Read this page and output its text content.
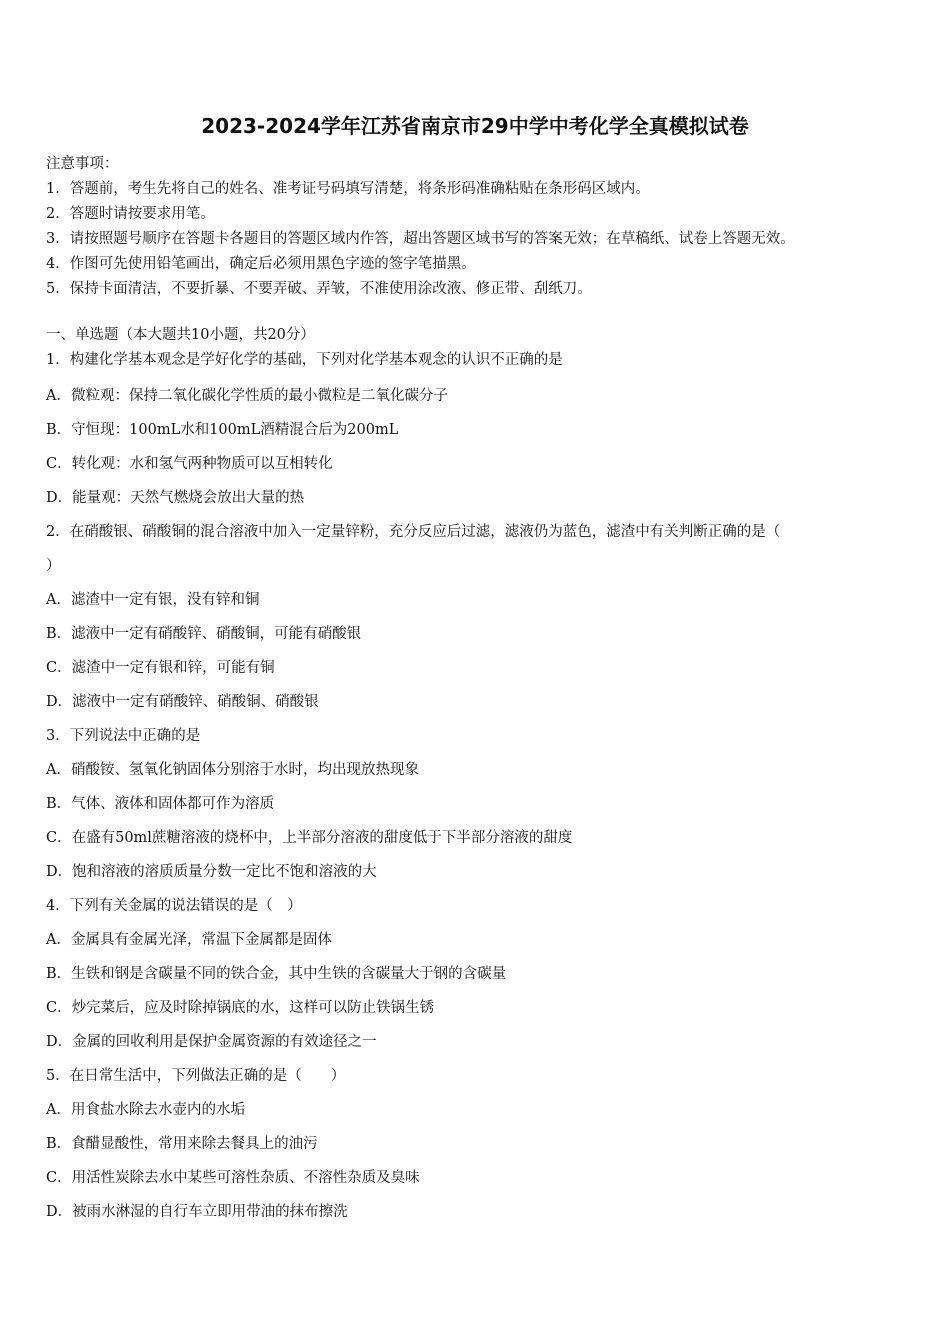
2023-2024学年江苏省南京市29中学中考化学全真模拟试卷

注意事项：

1．答题前，考生先将自己的姓名、准考证号码填写清楚，将条形码准确粘贴在条形码区域内。

2．答题时请按要求用笔。

3．请按照题号顺序在答题卡各题目的答题区域内作答，超出答题区域书写的答案无效；在草稿纸、试卷上答题无效。

4．作图可先使用铅笔画出，确定后必须用黑色字迹的签字笔描黑。

5．保持卡面清洁，不要折暴、不要弄破、弄皱，不准使用涂改液、修正带、刮纸刀。

一、单选题（本大题共10小题，共20分）

1．构建化学基本观念是学好化学的基础，下列对化学基本观念的认识不正确的是

A．微粒观：保持二氧化碳化学性质的最小微粒是二氧化碳分子

B．守恒现：100mL水和100mL酒精混合后为200mL

C．转化观：水和氢气两种物质可以互相转化

D．能量观：天然气燃烧会放出大量的热

2．在硝酸银、硝酸铜的混合溶液中加入一定量锌粉，充分反应后过滤，滤液仍为蓝色，滤渣中有关判断正确的是（

）

A．滤渣中一定有银，没有锌和铜

B．滤液中一定有硝酸锌、硝酸铜，可能有硝酸银

C．滤渣中一定有银和锌，可能有铜

D．滤液中一定有硝酸锌、硝酸铜、硝酸银

3．下列说法中正确的是

A．硝酸铵、氢氧化钠固体分别溶于水时，均出现放热现象

B．气体、液体和固体都可作为溶质

C．在盛有50ml蔗糖溶液的烧杯中，上半部分溶液的甜度低于下半部分溶液的甜度

D．饱和溶液的溶质质量分数一定比不饱和溶液的大

4．下列有关金属的说法错误的是（　）

A．金属具有金属光泽，常温下金属都是固体

B．生铁和钢是含碳量不同的铁合金，其中生铁的含碳量大于钢的含碳量

C．炒完菜后，应及时除掉锅底的水，这样可以防止铁锅生锈

D．金属的回收利用是保护金属资源的有效途径之一

5．在日常生活中，下列做法正确的是（　　）

A．用食盐水除去水壶内的水垢

B．食醋显酸性，常用来除去餐具上的油污

C．用活性炭除去水中某些可溶性杂质、不溶性杂质及臭味

D．被雨水淋湿的自行车立即用带油的抹布擦洗
